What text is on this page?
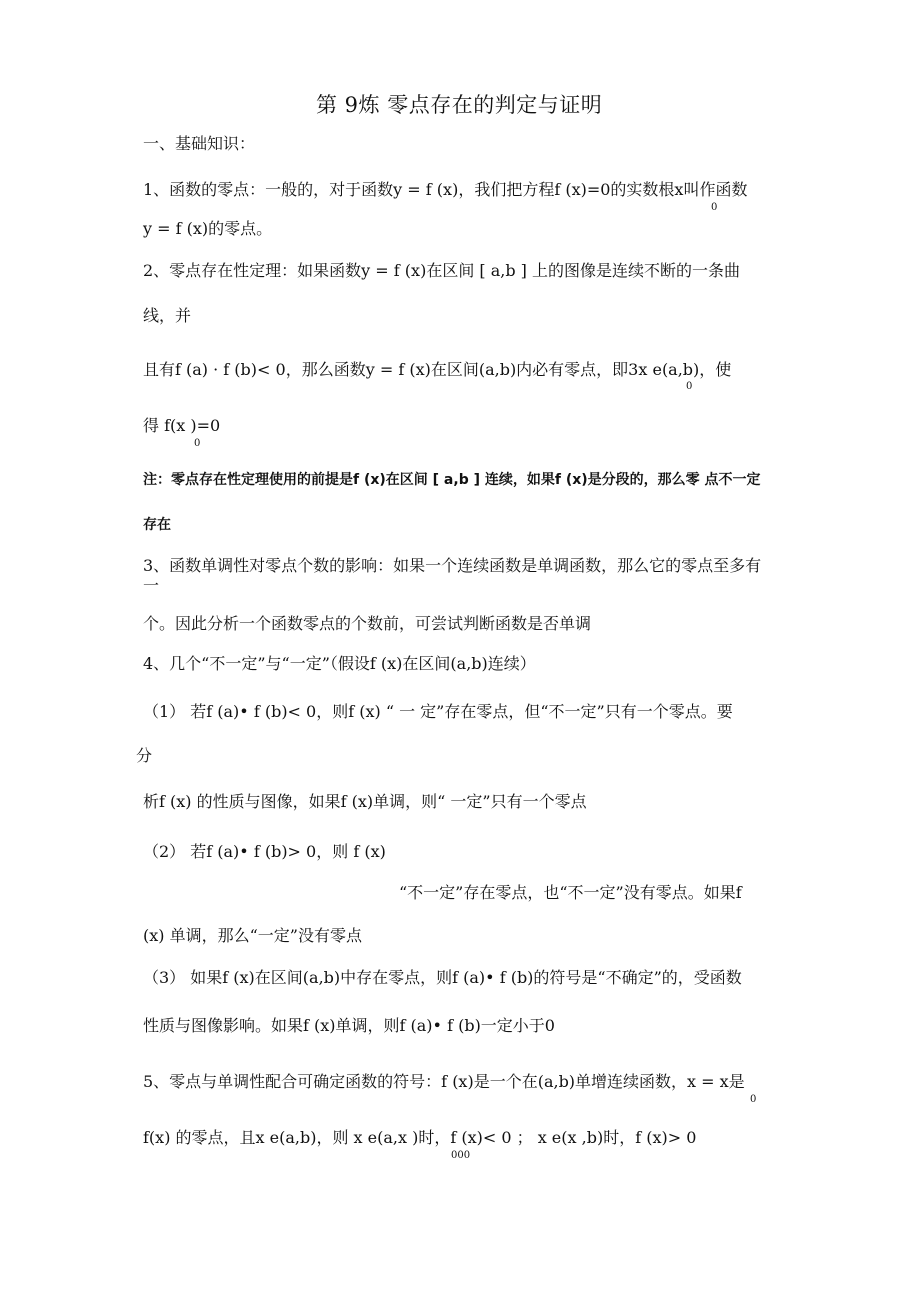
第 9炼 零点存在的判定与证明
一、基础知识：
1、函数的零点：一般的，对于函数y = f (x)，我们把方程f (x)=0的实数根x叫作函数
0
y = f (x)的零点。
2、零点存在性定理：如果函数y = f (x)在区间 [ a,b ] 上的图像是连续不断的一条曲
线，并
且有f (a) · f (b)< 0，那么函数y = f (x)在区间(a,b)内必有零点，即3x e(a,b)，使
0
得 f(x )=0
0
注：零点存在性定理使用的前提是f (x)在区间 [ a,b ] 连续，如果f (x)是分段的，那么零 点不一定
存在
3、函数单调性对零点个数的影响：如果一个连续函数是单调函数，那么它的零点至多有
一
个。因此分析一个函数零点的个数前，可尝试判断函数是否单调
4、几个“不一定”与“一定”（假设f (x)在区间(a,b)连续）
（1） 若f (a)• f (b)< 0，则f (x) “ 一 定”存在零点，但“不一定”只有一个零点。要
分
析f (x) 的性质与图像，如果f (x)单调，则“ 一定”只有一个零点
（2） 若f (a)• f (b)> 0，则 f (x)
“不一定”存在零点，也“不一定”没有零点。如果f
(x) 单调，那么“一定”没有零点
（3） 如果f (x)在区间(a,b)中存在零点，则f (a)• f (b)的符号是“不确定”的，受函数
性质与图像影响。如果f (x)单调，则f (a)• f (b)一定小于0
5、零点与单调性配合可确定函数的符号：f (x)是一个在(a,b)单增连续函数，x = x是
0
f(x) 的零点，且x e(a,b)，则 x e(a,x )时，f (x)< 0 ； x e(x ,b)时，f (x)> 0
000
